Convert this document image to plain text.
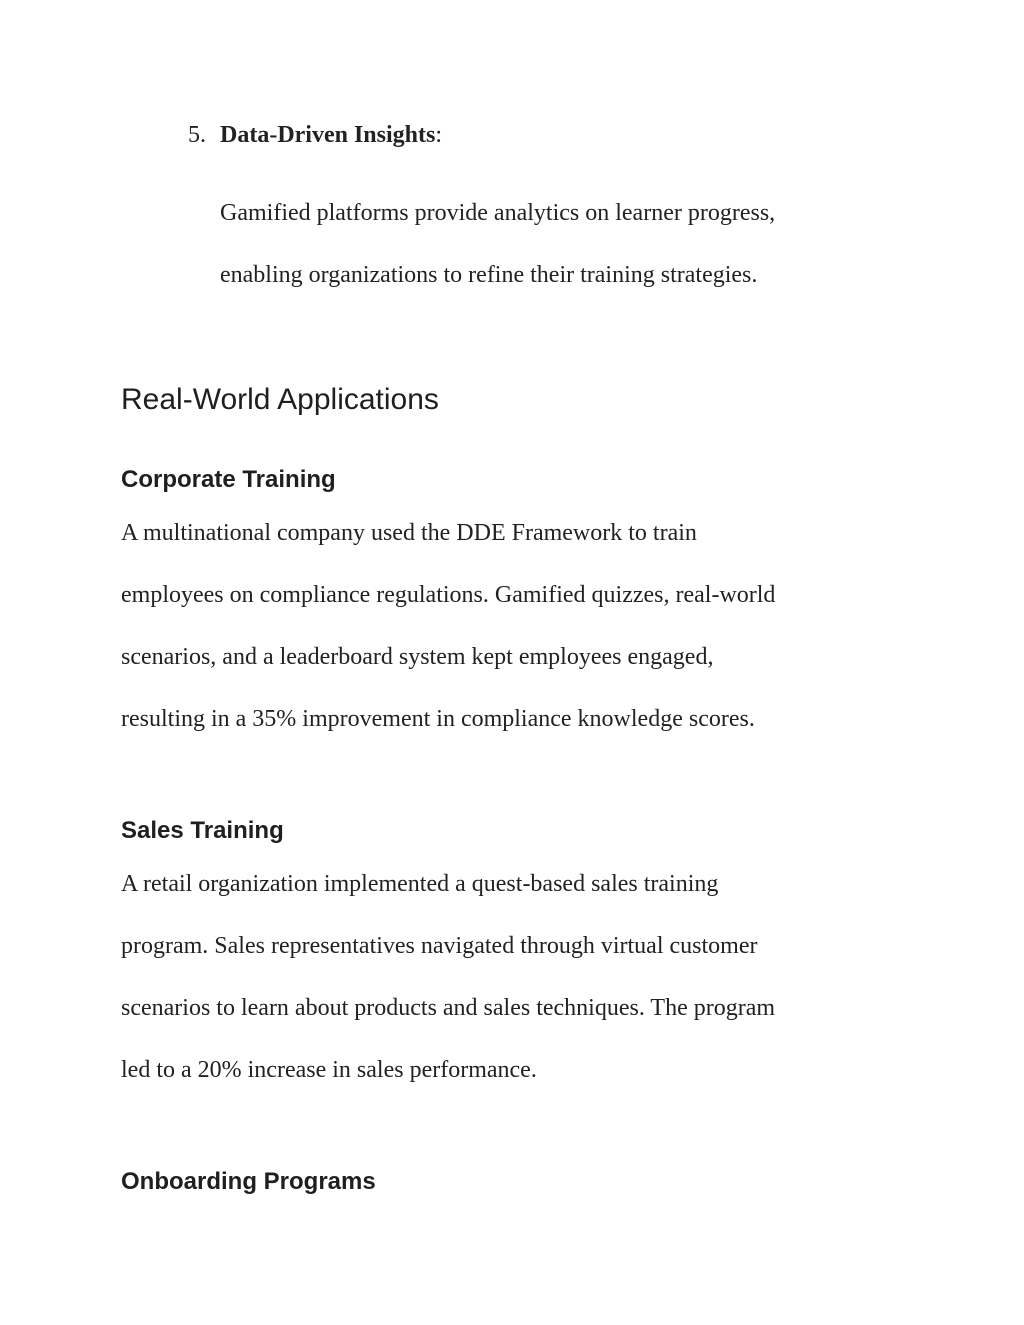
5. Data-Driven Insights:
Gamified platforms provide analytics on learner progress,
enabling organizations to refine their training strategies.
Real-World Applications
Corporate Training

A multinational company used the DDE Framework to train
employees on compliance regulations. Gamified quizzes, real-world
scenarios, and a leaderboard system kept employees engaged,
resulting in a 35% improvement in compliance knowledge scores.

Sales Training

A retail organization implemented a quest-based sales training
program. Sales representatives navigated through virtual customer
scenarios to learn about products and sales techniques. The program
led to a 20% increase in sales performance.

Onboarding Programs
